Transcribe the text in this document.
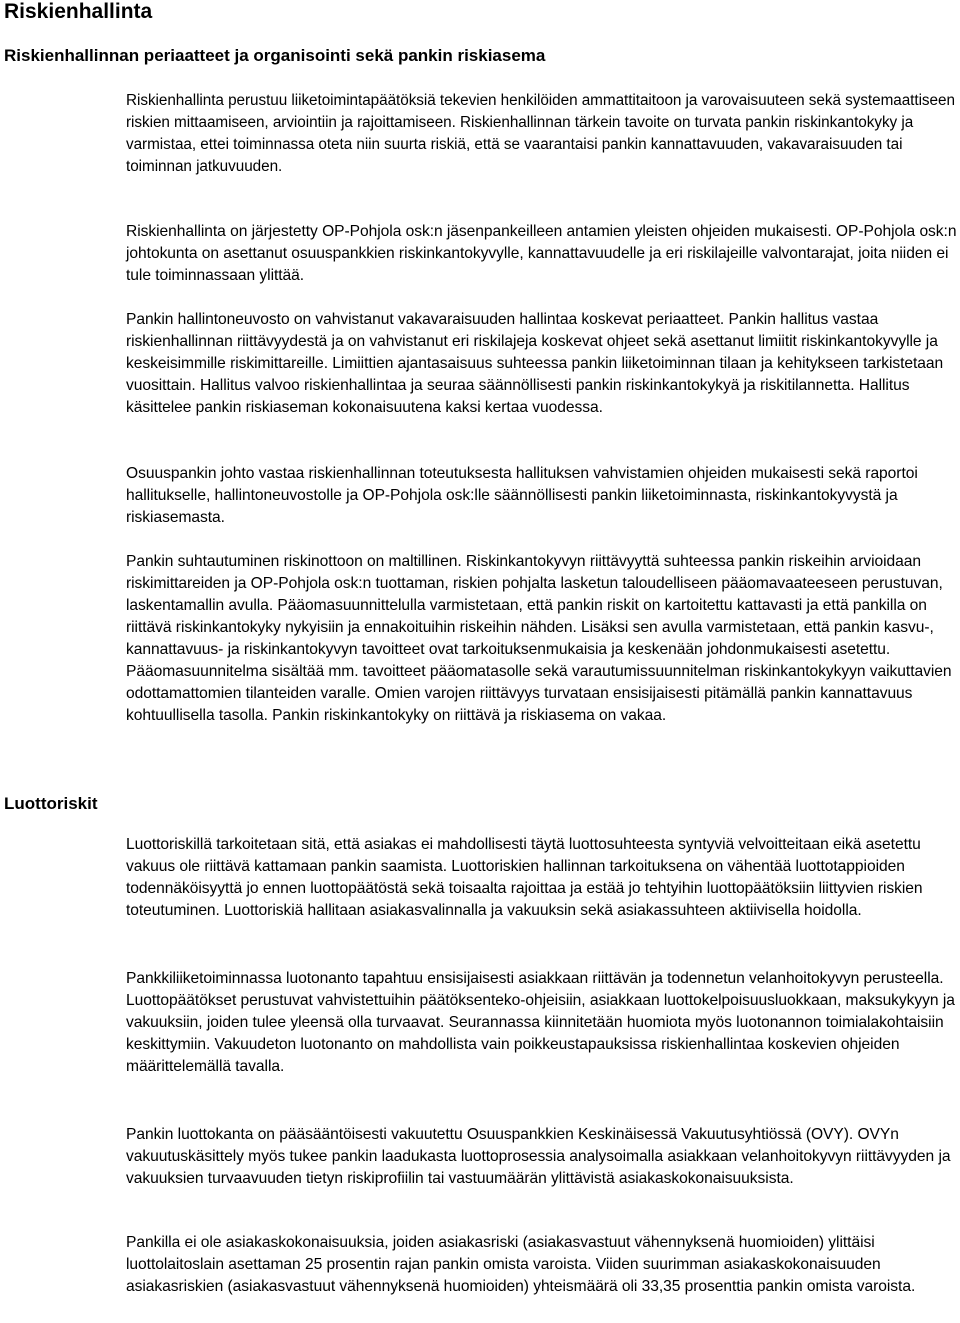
Riskienhallinta
Riskienhallinnan periaatteet ja organisointi sekä pankin riskiasema
Luottoriskit

Riskienhallinta perustuu liiketoimintapäätöksiä tekevien henkilöiden ammattitaitoon ja varovaisuuteen sekä systemaattiseen riskien mittaamiseen, arviointiin ja rajoittamiseen. Riskienhallinnan tärkein tavoite on turvata pankin riskinkantokyky ja varmistaa, ettei toiminnassa oteta niin suurta riskiä, että se vaarantaisi pankin kannattavuuden, vakavaraisuuden tai toiminnan jatkuvuuden.

Riskienhallinta on järjestetty OP-Pohjola osk:n jäsenpankeilleen antamien yleisten ohjeiden mukaisesti. OP-Pohjola osk:n johtokunta on asettanut osuuspankkien riskinkantokyvylle, kannattavuudelle ja eri riskilajeille valvontarajat, joita niiden ei tule toiminnassaan ylittää.

Pankin hallintoneuvosto on vahvistanut vakavaraisuuden hallintaa koskevat periaatteet. Pankin hallitus vastaa riskienhallinnan riittävyydestä ja on vahvistanut eri riskilajeja koskevat ohjeet sekä asettanut limiitit riskinkantokyvylle ja keskeisimmille riskimittareille. Limiittien ajantasaisuus suhteessa pankin liiketoiminnan tilaan ja kehitykseen tarkistetaan vuosittain. Hallitus valvoo riskienhallintaa ja seuraa säännöllisesti pankin riskinkantokykyä ja riskitilannetta. Hallitus käsittelee pankin riskiaseman kokonaisuutena kaksi kertaa vuodessa.

Osuuspankin johto vastaa riskienhallinnan toteutuksesta hallituksen vahvistamien ohjeiden mukaisesti sekä raportoi hallitukselle, hallintoneuvostolle ja OP-Pohjola osk:lle säännöllisesti pankin liiketoiminnasta, riskinkantokyvystä ja riskiasemasta.

Pankin suhtautuminen riskinottoon on maltillinen. Riskinkantokyvyn riittävyyttä suhteessa pankin riskeihin arvioidaan riskimittareiden ja OP-Pohjola osk:n tuottaman, riskien pohjalta lasketun taloudelliseen pääomavaateeseen perustuvan, laskentamallin avulla. Pääomasuunnittelulla varmistetaan, että pankin riskit on kartoitettu kattavasti ja että pankilla on riittävä riskinkantokyky nykyisiin ja ennakoituihin riskeihin nähden. Lisäksi sen avulla varmistetaan, että pankin kasvu-, kannattavuus- ja riskinkantokyvyn tavoitteet ovat tarkoituksenmukaisia ja keskenään johdonmukaisesti asetettu. Pääomasuunnitelma sisältää mm. tavoitteet pääomatasolle sekä varautumissuunnitelman riskinkantokykyyn vaikuttavien odottamattomien tilanteiden varalle. Omien varojen riittävyys turvataan ensisijaisesti pitämällä pankin kannattavuus kohtuullisella tasolla. Pankin riskinkantokyky on riittävä ja riskiasema on vakaa.

Luottoriskillä tarkoitetaan sitä, että asiakas ei mahdollisesti täytä luottosuhteesta syntyviä velvoitteitaan eikä asetettu vakuus ole riittävä kattamaan pankin saamista. Luottoriskien hallinnan tarkoituksena on vähentää luottotappioiden todennäköisyyttä jo ennen luottopäätöstä sekä toisaalta rajoittaa ja estää jo tehtyihin luottopäätöksiin liittyvien riskien toteutuminen. Luottoriskiä hallitaan asiakasvalinnalla ja vakuuksin sekä asiakassuhteen aktiivisella hoidolla.

Pankkiliiketoiminnassa luotonanto tapahtuu ensisijaisesti asiakkaan riittävän ja todennetun velanhoitokyvyn perusteella. Luottopäätökset perustuvat vahvistettuihin päätöksenteko-ohjeisiin, asiakkaan luottokelpoisuusluokkaan, maksukykyyn ja vakuuksiin, joiden tulee yleensä olla turvaavat. Seurannassa kiinnitetään huomiota myös luotonannon toimialakohtaisiin keskittymiin. Vakuudeton luotonanto on mahdollista vain poikkeustapauksissa riskienhallintaa koskevien ohjeiden määrittelemällä tavalla.

Pankin luottokanta on pääsääntöisesti vakuutettu Osuuspankkien Keskinäisessä Vakuutusyhtiössä (OVY). OVYn vakuutuskäsittely myös tukee pankin laadukasta luottoprosessia analysoimalla asiakkaan velanhoitokyvyn riittävyyden ja vakuuksien turvaavuuden tietyn riskiprofiilin tai vastuumäärän ylittävistä asiakaskokonaisuuksista.

Pankilla ei ole asiakaskokonaisuuksia, joiden asiakasriski (asiakasvastuut vähennyksenä huomioiden) ylittäisi luottolaitoslain asettaman 25 prosentin rajan pankin omista varoista. Viiden suurimman asiakaskokonaisuuden asiakasriskien (asiakasvastuut vähennyksenä huomioiden) yhteismäärä oli 33,35 prosenttia pankin omista varoista.
